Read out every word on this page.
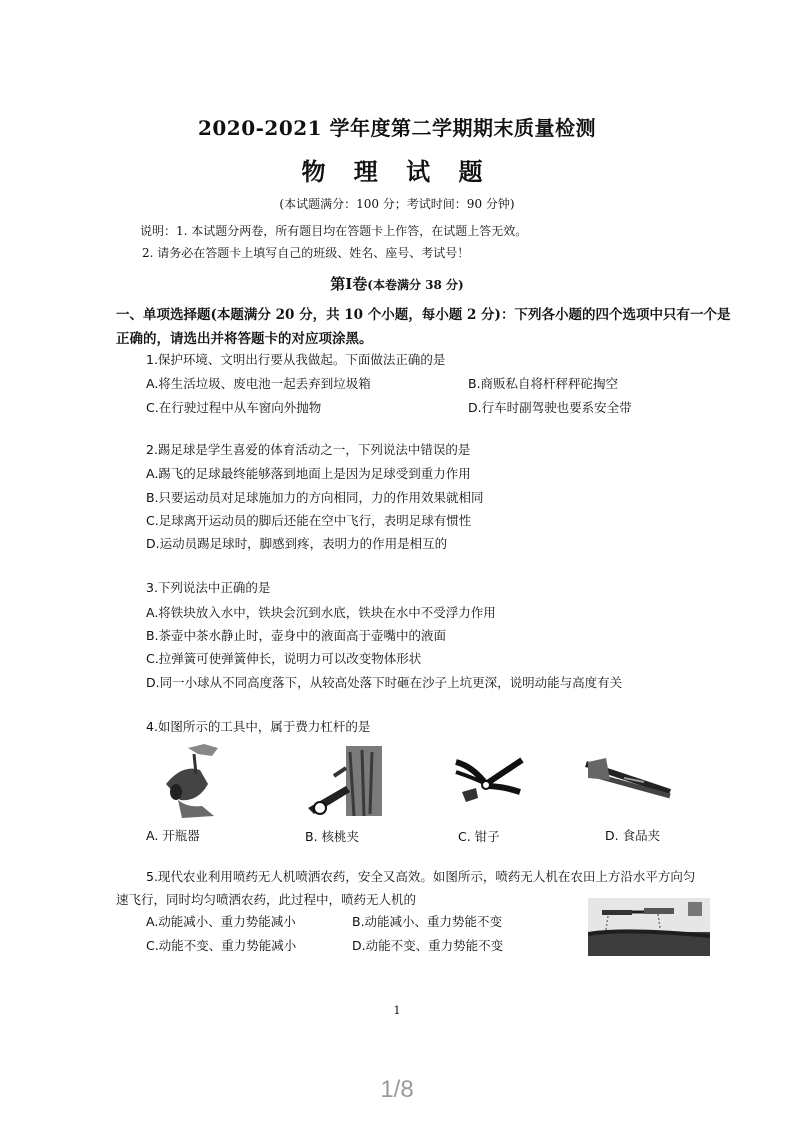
2020-2021 学年度第二学期期末质量检测
物 理 试 题
(本试题满分：100 分；考试时间：90 分钟)
说明：1. 本试题分两卷，所有题目均在答题卡上作答，在试题上答无效。
2. 请务必在答题卡上填写自己的班级、姓名、座号、考试号！
第Ⅰ卷(本卷满分 38 分)
一、单项选择题(本题满分 20 分，共 10 个小题，每小题 2 分)：下列各小题的四个选项中只有一个是
正确的，请选出并将答题卡的对应项涂黑。
1.保护环境、文明出行要从我做起。下面做法正确的是
A.将生活垃圾、废电池一起丢弃到垃圾箱	B.商贩私自将杆秤秤砣掏空
C.在行驶过程中从车窗向外抛物	D.行车时副驾驶也要系安全带
2.踢足球是学生喜爱的体育活动之一，下列说法中错误的是
A.踢飞的足球最终能够落到地面上是因为足球受到重力作用
B.只要运动员对足球施加力的方向相同，力的作用效果就相同
C.足球离开运动员的脚后还能在空中飞行，表明足球有惯性
D.运动员踢足球时，脚感到疼，表明力的作用是相互的
3.下列说法中正确的是
A.将铁块放入水中，铁块会沉到水底，铁块在水中不受浮力作用
B.茶壶中茶水静止时，壶身中的液面高于壶嘴中的液面
C.拉弹簧可使弹簧伸长，说明力可以改变物体形状
D.同一小球从不同高度落下，从较高处落下时砸在沙子上坑更深，说明动能与高度有关
4.如图所示的工具中，属于费力杠杆的是
A. 开瓶器	B. 核桃夹	C. 钳子	D. 食品夹
5.现代农业利用喷药无人机喷洒农药，安全又高效。如图所示，喷药无人机在农田上方沿水平方向匀
速飞行，同时均匀喷洒农药，此过程中，喷药无人机的
A.动能减小、重力势能减小	B.动能减小、重力势能不变
C.动能不变、重力势能减小	D.动能不变、重力势能不变
1
1/8
